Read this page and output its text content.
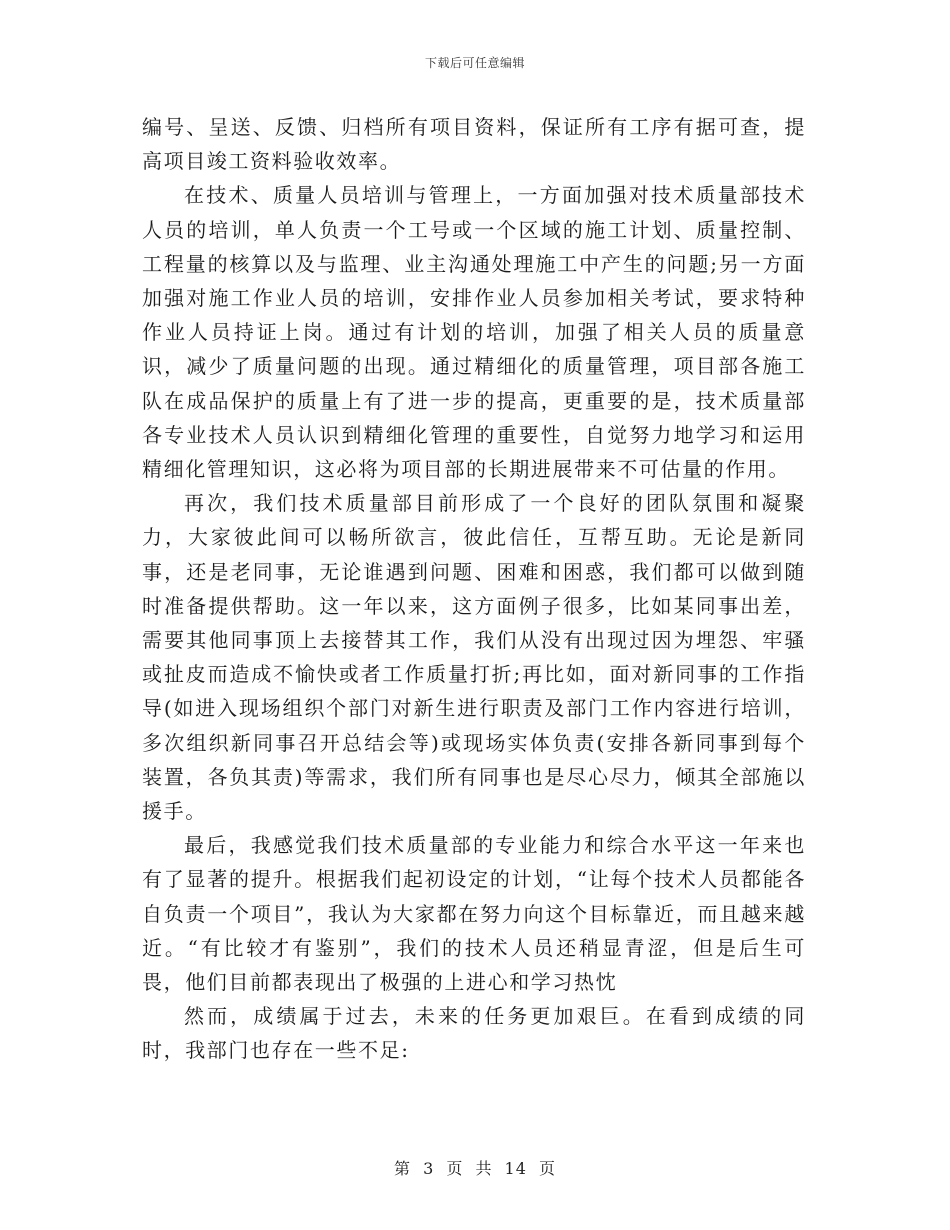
下载后可任意编辑

编号、呈送、反馈、归档所有项目资料，保证所有工序有据可查，提高项目竣工资料验收效率。

在技术、质量人员培训与管理上，一方面加强对技术质量部技术人员的培训，单人负责一个工号或一个区域的施工计划、质量控制、工程量的核算以及与监理、业主沟通处理施工中产生的问题;另一方面加强对施工作业人员的培训，安排作业人员参加相关考试，要求特种作业人员持证上岗。通过有计划的培训，加强了相关人员的质量意识，减少了质量问题的出现。通过精细化的质量管理，项目部各施工队在成品保护的质量上有了进一步的提高，更重要的是，技术质量部各专业技术人员认识到精细化管理的重要性，自觉努力地学习和运用精细化管理知识，这必将为项目部的长期进展带来不可估量的作用。

再次，我们技术质量部目前形成了一个良好的团队氛围和凝聚力，大家彼此间可以畅所欲言，彼此信任，互帮互助。无论是新同事，还是老同事，无论谁遇到问题、困难和困惑，我们都可以做到随时准备提供帮助。这一年以来，这方面例子很多，比如某同事出差，需要其他同事顶上去接替其工作，我们从没有出现过因为埋怨、牢骚或扯皮而造成不愉快或者工作质量打折;再比如，面对新同事的工作指导(如进入现场组织个部门对新生进行职责及部门工作内容进行培训，多次组织新同事召开总结会等)或现场实体负责(安排各新同事到每个装置，各负其责)等需求，我们所有同事也是尽心尽力，倾其全部施以援手。

最后，我感觉我们技术质量部的专业能力和综合水平这一年来也有了显著的提升。根据我们起初设定的计划，“让每个技术人员都能各自负责一个项目”，我认为大家都在努力向这个目标靠近，而且越来越近。“有比较才有鉴别”，我们的技术人员还稍显青涩，但是后生可畏，他们目前都表现出了极强的上进心和学习热忱

然而，成绩属于过去，未来的任务更加艰巨。在看到成绩的同时，我部门也存在一些不足:

第 3 页 共 14 页
